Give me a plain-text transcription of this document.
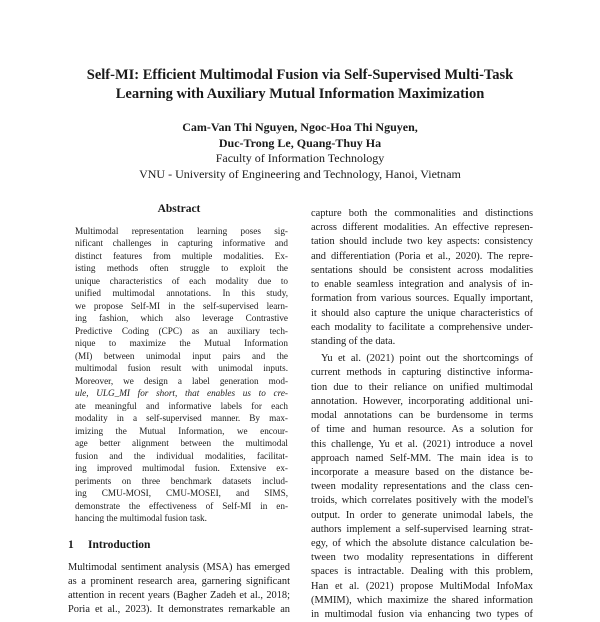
Self-MI: Efficient Multimodal Fusion via Self-Supervised Multi-Task
Learning with Auxiliary Mutual Information Maximization
Cam-Van Thi Nguyen, Ngoc-Hoa Thi Nguyen,
Duc-Trong Le, Quang-Thuy Ha
Faculty of Information Technology
VNU - University of Engineering and Technology, Hanoi, Vietnam
Abstract
Multimodal representation learning poses sig-
nificant challenges in capturing informative and
distinct features from multiple modalities. Ex-
isting methods often struggle to exploit the
unique characteristics of each modality due to
unified multimodal annotations. In this study,
we propose Self-MI in the self-supervised learn-
ing fashion, which also leverage Contrastive
Predictive Coding (CPC) as an auxiliary tech-
nique to maximize the Mutual Information
(MI) between unimodal input pairs and the
multimodal fusion result with unimodal inputs.
Moreover, we design a label generation mod-
ule, ULG_MI for short, that enables us to cre-
ate meaningful and informative labels for each
modality in a self-supervised manner. By max-
imizing the Mutual Information, we encour-
age better alignment between the multimodal
fusion and the individual modalities, facilitat-
ing improved multimodal fusion. Extensive ex-
periments on three benchmark datasets includ-
ing CMU-MOSI, CMU-MOSEI, and SIMS,
demonstrate the effectiveness of Self-MI in en-
hancing the multimodal fusion task.
1 Introduction
Multimodal sentiment analysis (MSA) has emerged
as a prominent research area, garnering significant
attention in recent years (Bagher Zadeh et al., 2018;
Poria et al., 2023). It demonstrates remarkable an
capture both the commonalities and distinctions
across different modalities. An effective represen-
tation should include two key aspects: consistency
and differentiation (Poria et al., 2020). The repre-
sentations should be consistent across modalities
to enable seamless integration and analysis of in-
formation from various sources. Equally important,
it should also capture the unique characteristics of
each modality to facilitate a comprehensive under-
standing of the data.
Yu et al. (2021) point out the shortcomings of
current methods in capturing distinctive informa-
tion due to their reliance on unified multimodal
annotation. However, incorporating additional uni-
modal annotations can be burdensome in terms
of time and human resource. As a solution for
this challenge, Yu et al. (2021) introduce a novel
approach named Self-MM. The main idea is to
incorporate a measure based on the distance be-
tween modality representations and the class cen-
troids, which correlates positively with the model's
output. In order to generate unimodal labels, the
authors implement a self-supervised learning strat-
egy, of which the absolute distance calculation be-
tween two modality representations in different
spaces is intractable. Dealing with this problem,
Han et al. (2021) propose MultiModal InfoMax
(MMIM), which maximize the shared information
in multimodal fusion via enhancing two types of
